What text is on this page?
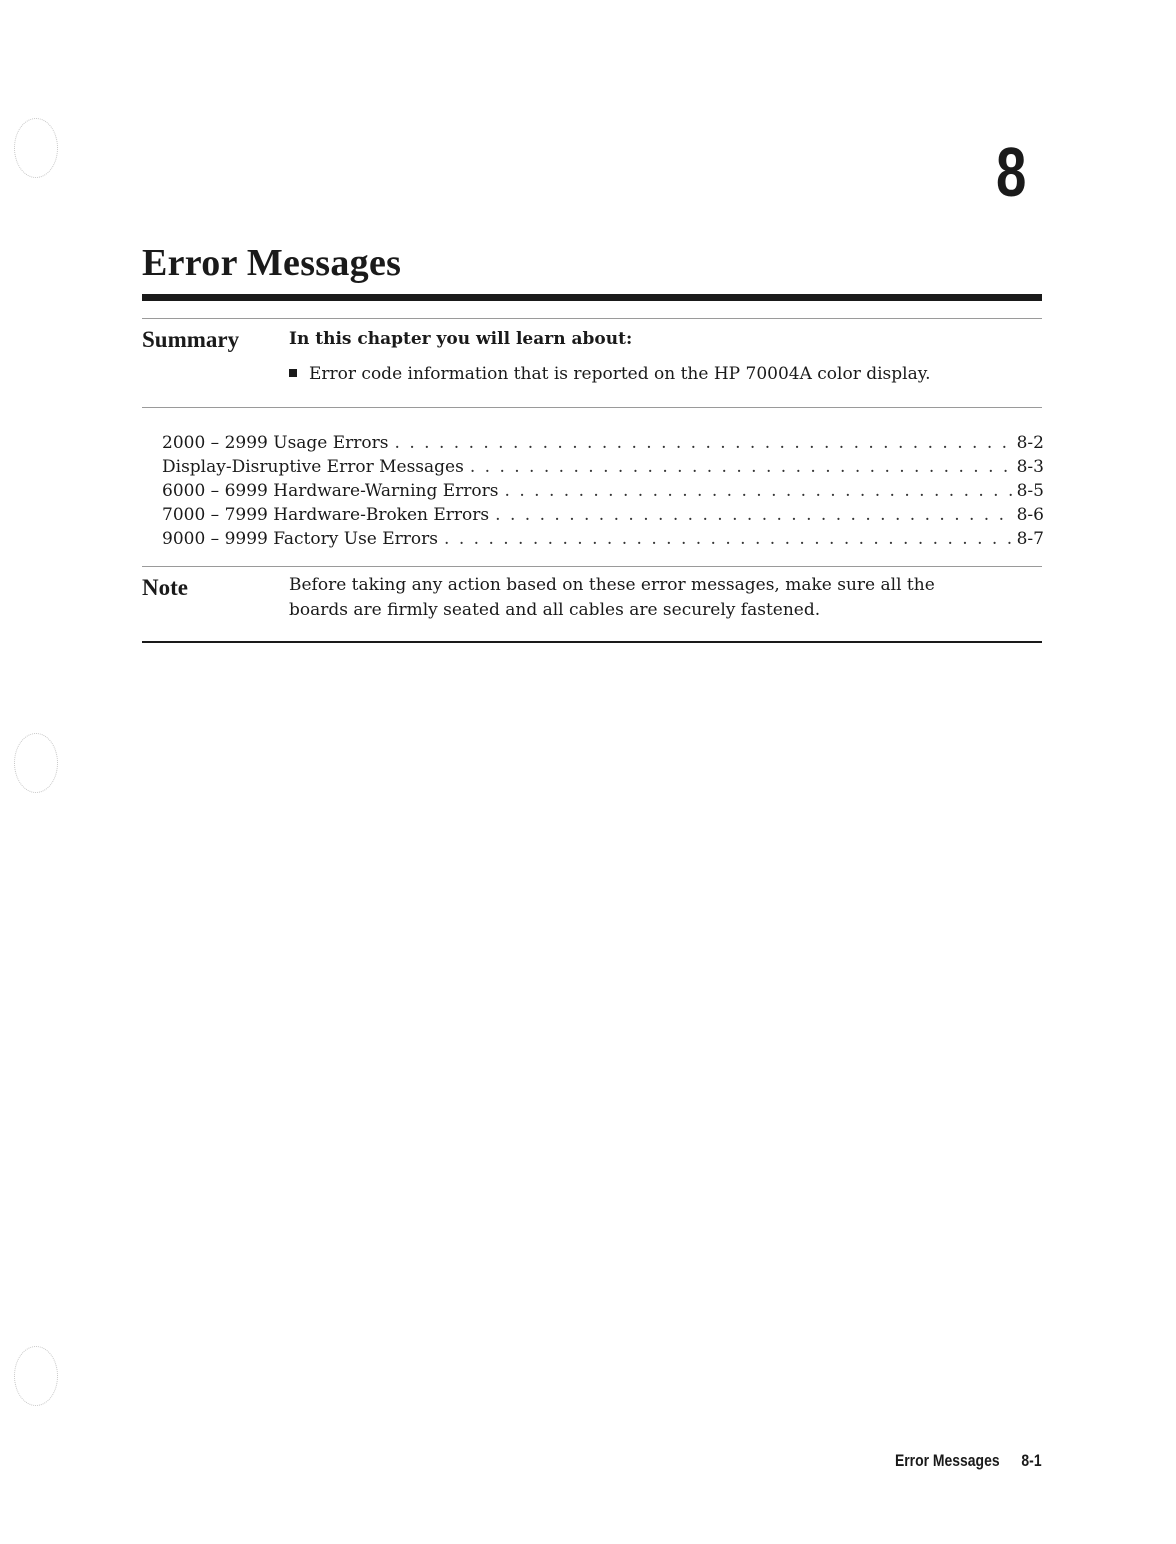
8
Error Messages
Summary	In this chapter you will learn about:
Error code information that is reported on the HP 70004A color display.
2000 – 2999 Usage Errors . . .	8-2
Display-Disruptive Error Messages . . .	8-3
6000 – 6999 Hardware-Warning Errors . . .	8-5
7000 – 7999 Hardware-Broken Errors . . .	8-6
9000 – 9999 Factory Use Errors . . .	8-7
Note	Before taking any action based on these error messages, make sure all the
boards are firmly seated and all cables are securely fastened.
Error Messages 8-1
